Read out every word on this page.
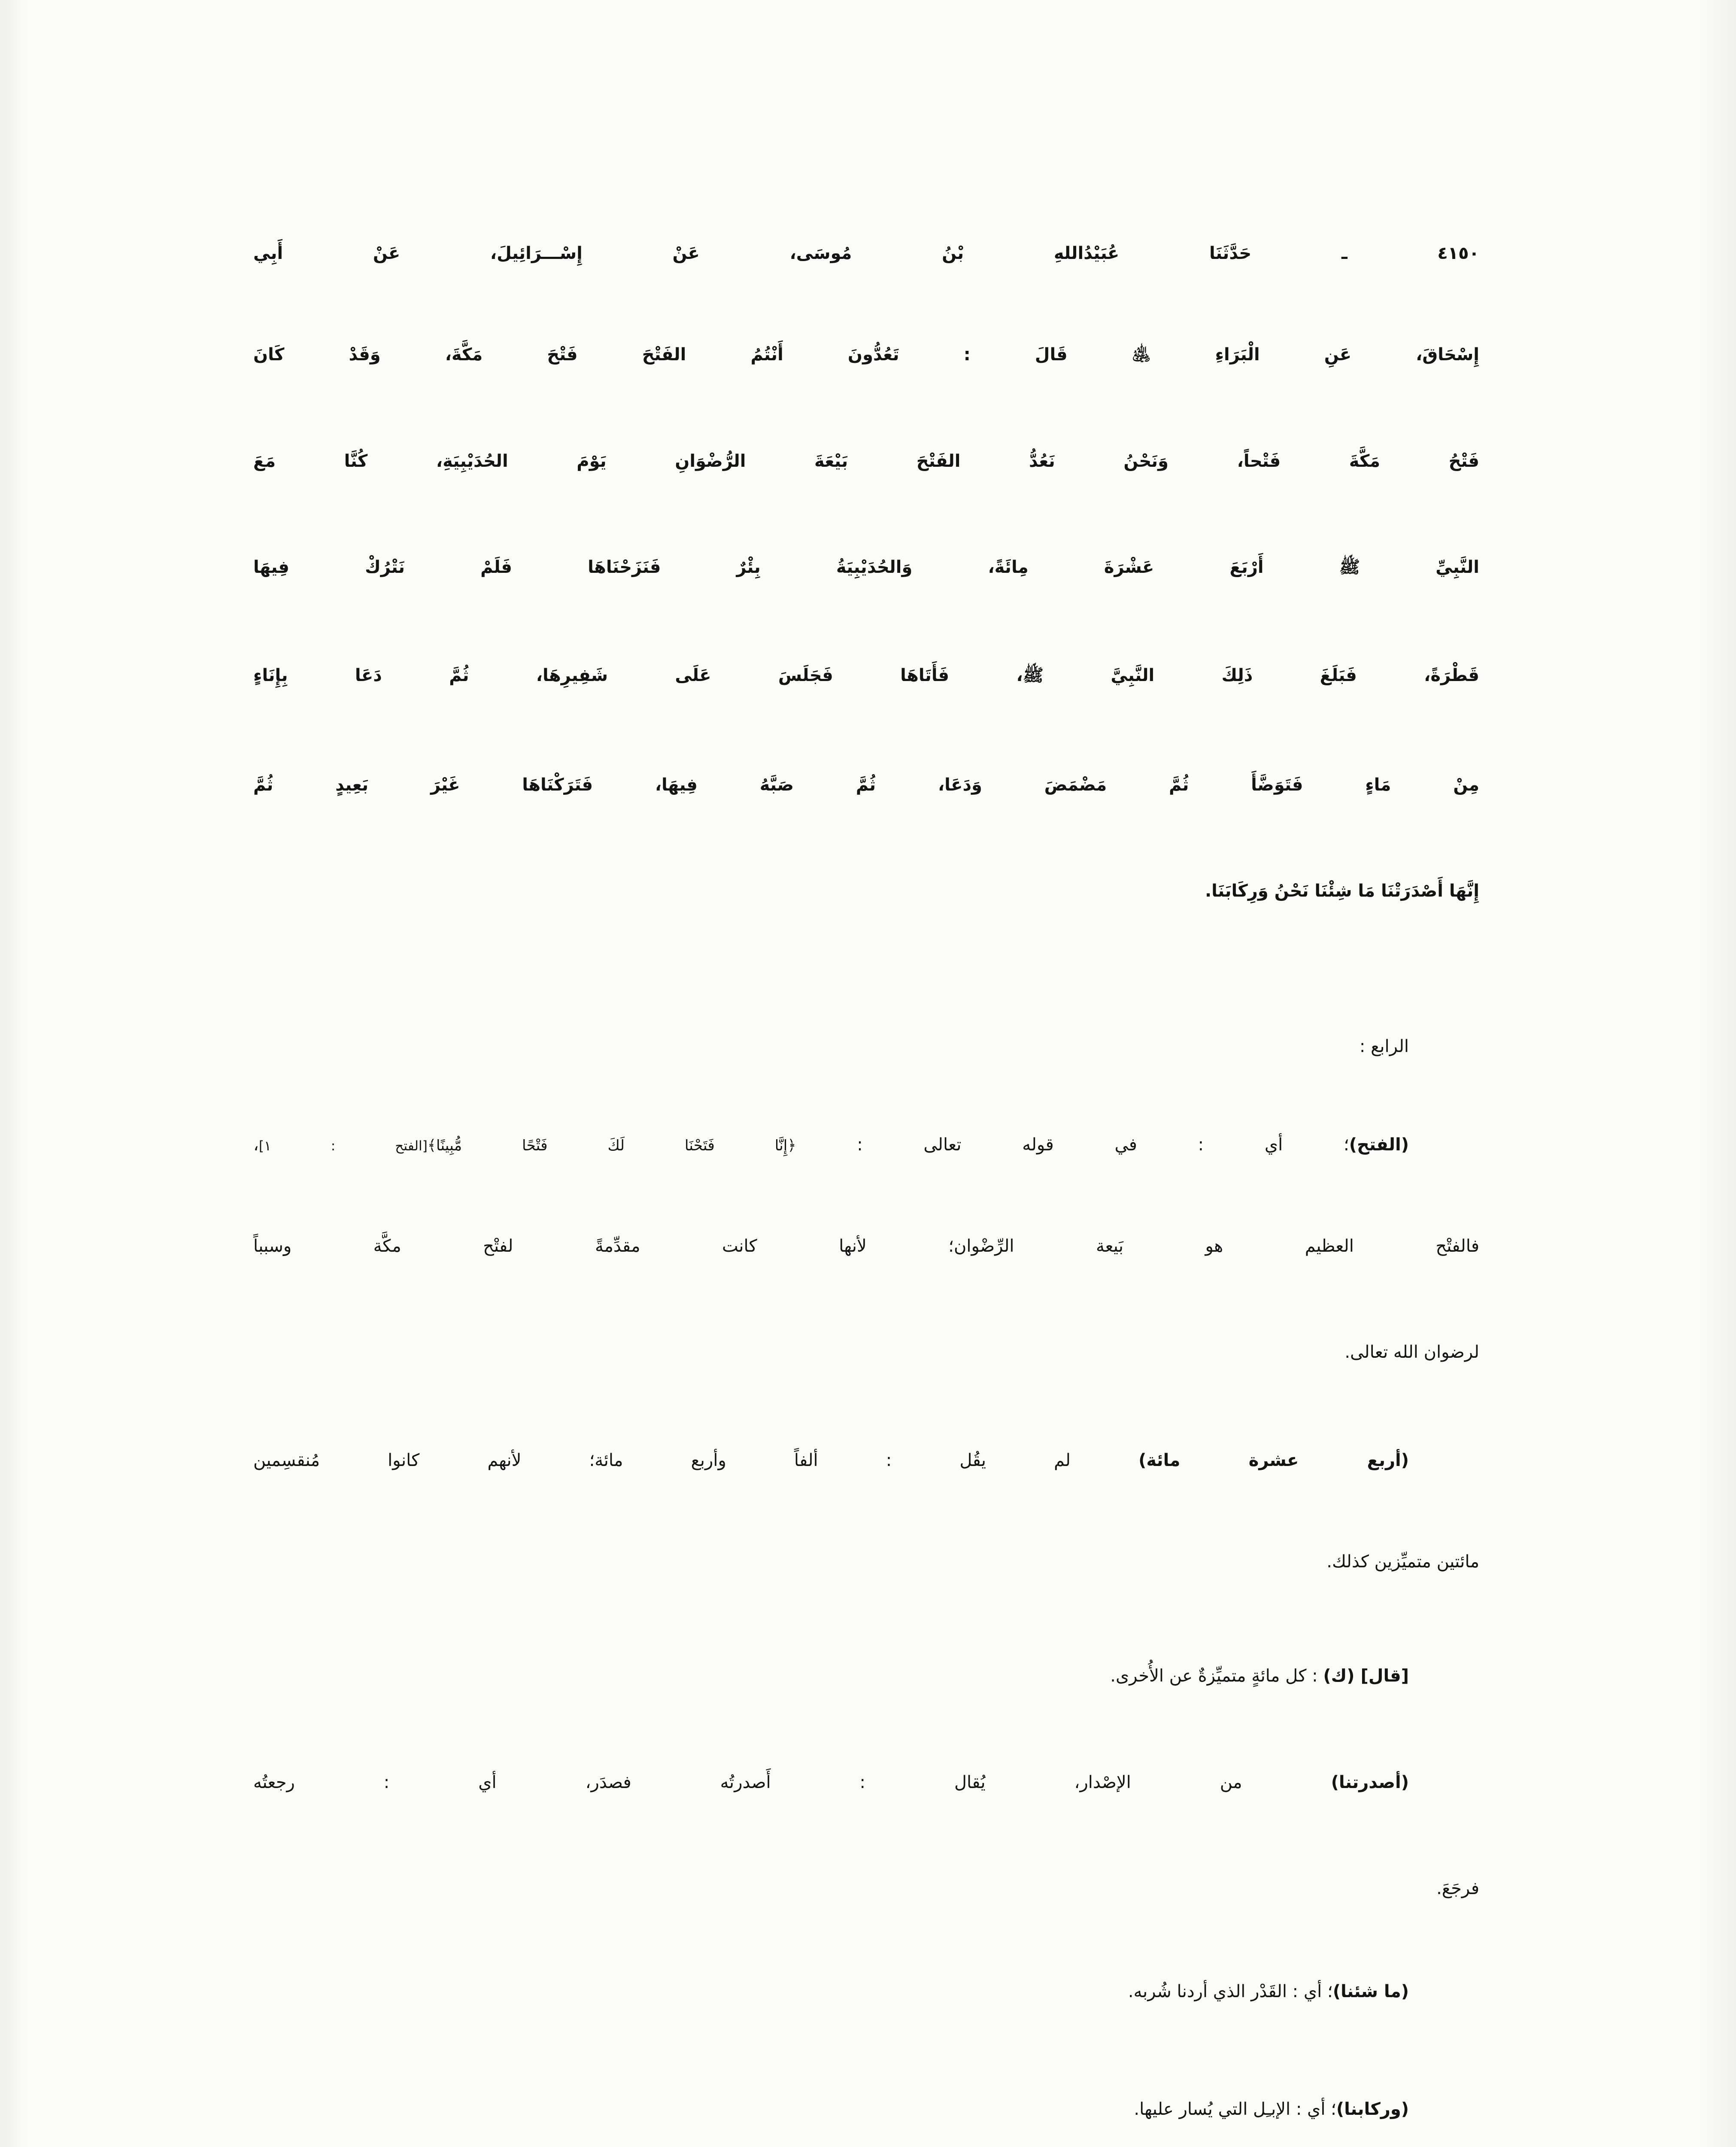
٤١٥٠ ـ حَدَّثَنَا عُبَيْدُاللهِ بْنُ مُوسَى، عَنْ إِسْـــرَائِيلَ، عَنْ أَبِي
إِسْحَاقَ، عَنِ الْبَرَاءِ ﵁ قَالَ : تَعُدُّونَ أَنْتُمُ الفَتْحَ فَتْحَ مَكَّةَ، وَقَدْ كَانَ
فَتْحُ مَكَّةَ فَتْحاً، وَنَحْنُ نَعُدُّ الفَتْحَ بَيْعَةَ الرُّضْوَانِ يَوْمَ الحُدَيْبِيَةِ، كُنَّا مَعَ
النَّبِيِّ ﷺ أَرْبَعَ عَشْرَةَ مِائَةً، وَالحُدَيْبِيَةُ بِئْرٌ فَنَزَحْنَاهَا فَلَمْ نَتْرُكْ فِيهَا
قَطْرَةً، فَبَلَغَ ذَلِكَ النَّبِيَّ ﷺ، فَأَتَاهَا فَجَلَسَ عَلَى شَفِيرِهَا، ثُمَّ دَعَا بِإِنَاءٍ
مِنْ مَاءٍ فَتَوَضَّأَ ثُمَّ مَضْمَضَ وَدَعَا، ثُمَّ صَبَّهُ فِيهَا، فَتَرَكْنَاهَا غَيْرَ بَعِيدٍ ثُمَّ
إِنَّهَا أَصْدَرَتْنَا مَا شِئْنَا نَحْنُ وَرِكَابَنَا.
الرابع :
(الفتح)؛ أي : في قوله تعالى : ﴿إِنَّا فَتَحْنَا لَكَ فَتْحًا مُّبِينًا﴾[الفتح : ١]،
فالفتْح العظيم هو بَيعة الرِّضْوان؛ لأنها كانت مقدِّمةً لفتْح مكَّة وسبباً
لرضوان الله تعالى.
(أربع عشرة مائة) لم يقُل : ألفاً وأربع مائة؛ لأنهم كانوا مُنقسِمين
مائتين متميِّزين كذلك.
[قال] (ك) : كل مائةٍ متميِّزةٌ عن الأُخرى.
(أصدرتنا) من الإصْدار، يُقال : أَصدرتُه فصدَر، أي : رجعتُه
فرجَعَ.
(ما شئنا)؛ أي : القَدْر الذي أردنا شُربه.
(وركابنا)؛ أي : الإبـِل التي يُسار عليها.
